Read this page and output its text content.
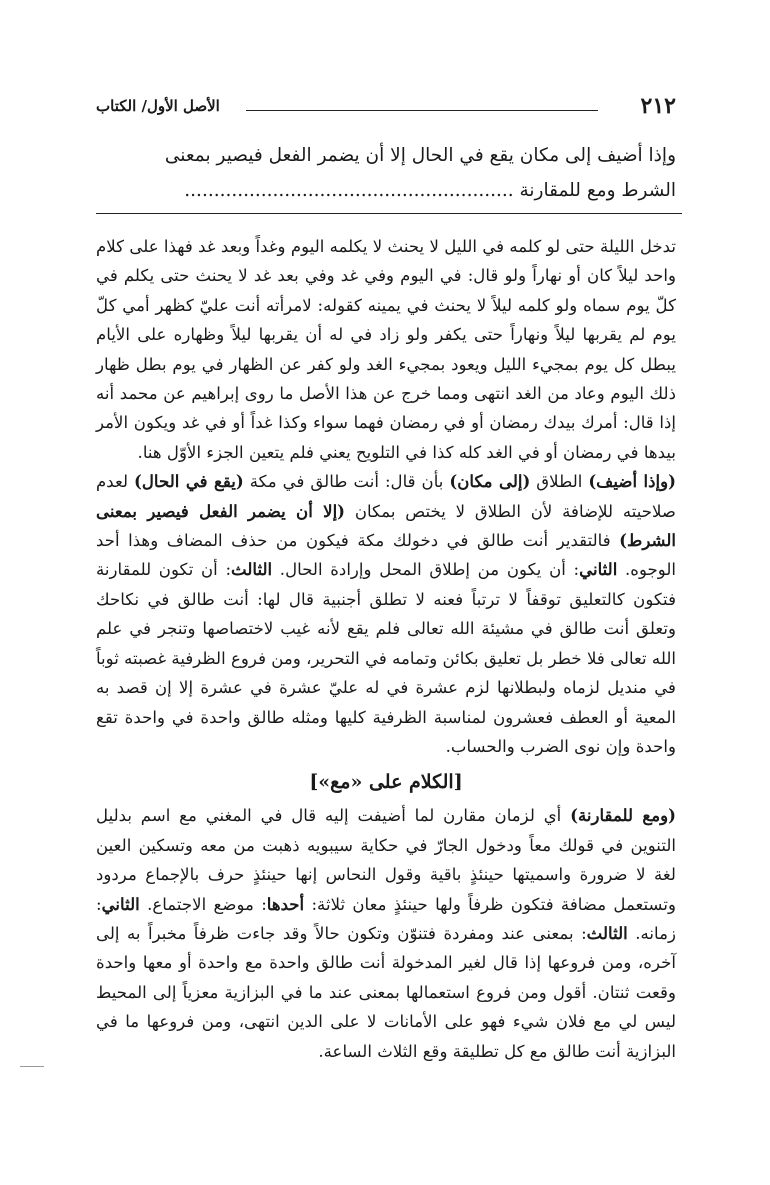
٢١٢
الأصل الأول/ الكتاب

وإذا أضيف إلى مكان يقع في الحال إلا أن يضمر الفعل فيصير بمعنى

الشرط ومع للمقارنة ........................................................

تدخل الليلة حتى لو كلمه في الليل لا يحنث لا يكلمه اليوم وغداً وبعد غد فهذا على كلام واحد ليلاً كان أو نهاراً ولو قال: في اليوم وفي غد وفي بعد غد لا يحنث حتى يكلم في كلّ يوم سماه ولو كلمه ليلاً لا يحنث في يمينه كقوله: لامرأته أنت عليّ كظهر أمي كلّ يوم لم يقربها ليلاً ونهاراً حتى يكفر ولو زاد في له أن يقربها ليلاً وظهاره على الأيام يبطل كل يوم بمجيء الليل ويعود بمجيء الغد ولو كفر عن الظهار في يوم بطل ظهار ذلك اليوم وعاد من الغد انتهى ومما خرج عن هذا الأصل ما روى إبراهيم عن محمد أنه إذا قال: أمرك بيدك رمضان أو في رمضان فهما سواء وكذا غداً أو في غد ويكون الأمر بيدها في رمضان أو في الغد كله كذا في التلويح يعني فلم يتعين الجزء الأوّل هنا.

(وإذا أضيف) الطلاق (إلى مكان) بأن قال: أنت طالق في مكة (يقع في الحال) لعدم صلاحيته للإضافة لأن الطلاق لا يختص بمكان (إلا أن يضمر الفعل فيصير بمعنى الشرط) فالتقدير أنت طالق في دخولك مكة فيكون من حذف المضاف وهذا أحد الوجوه. الثاني: أن يكون من إطلاق المحل وإرادة الحال. الثالث: أن تكون للمقارنة فتكون كالتعليق توقفاً لا ترتباً فعنه لا تطلق أجنبية قال لها: أنت طالق في نكاحك وتعلق أنت طالق في مشيئة الله تعالى فلم يقع لأنه غيب لاختصاصها وتنجر في علم الله تعالى فلا خطر بل تعليق بكائن وتمامه في التحرير، ومن فروع الظرفية غصبته ثوباً في منديل لزماه ولبطلانها لزم عشرة في له عليّ عشرة في عشرة إلا إن قصد به المعية أو العطف فعشرون لمناسبة الظرفية كليها ومثله طالق واحدة في واحدة تقع واحدة وإن نوى الضرب والحساب.

[الكلام على «مع»]

(ومع للمقارنة) أي لزمان مقارن لما أضيفت إليه قال في المغني مع اسم بدليل التنوين في قولك معاً ودخول الجارّ في حكاية سيبويه ذهبت من معه وتسكين العين لغة لا ضرورة واسميتها حينئذٍ باقية وقول النحاس إنها حينئذٍ حرف بالإجماع مردود وتستعمل مضافة فتكون ظرفاً ولها حينئذٍ معان ثلاثة: أحدها: موضع الاجتماع. الثاني: زمانه. الثالث: بمعنى عند ومفردة فتنوّن وتكون حالاً وقد جاءت ظرفاً مخبراً به إلى آخره، ومن فروعها إذا قال لغير المدخولة أنت طالق واحدة مع واحدة أو معها واحدة وقعت ثنتان. أقول ومن فروع استعمالها بمعنى عند ما في البزازية معزياً إلى المحيط ليس لي مع فلان شيء فهو على الأمانات لا على الدين انتهى، ومن فروعها ما في البزازية أنت طالق مع كل تطليقة وقع الثلاث الساعة.
